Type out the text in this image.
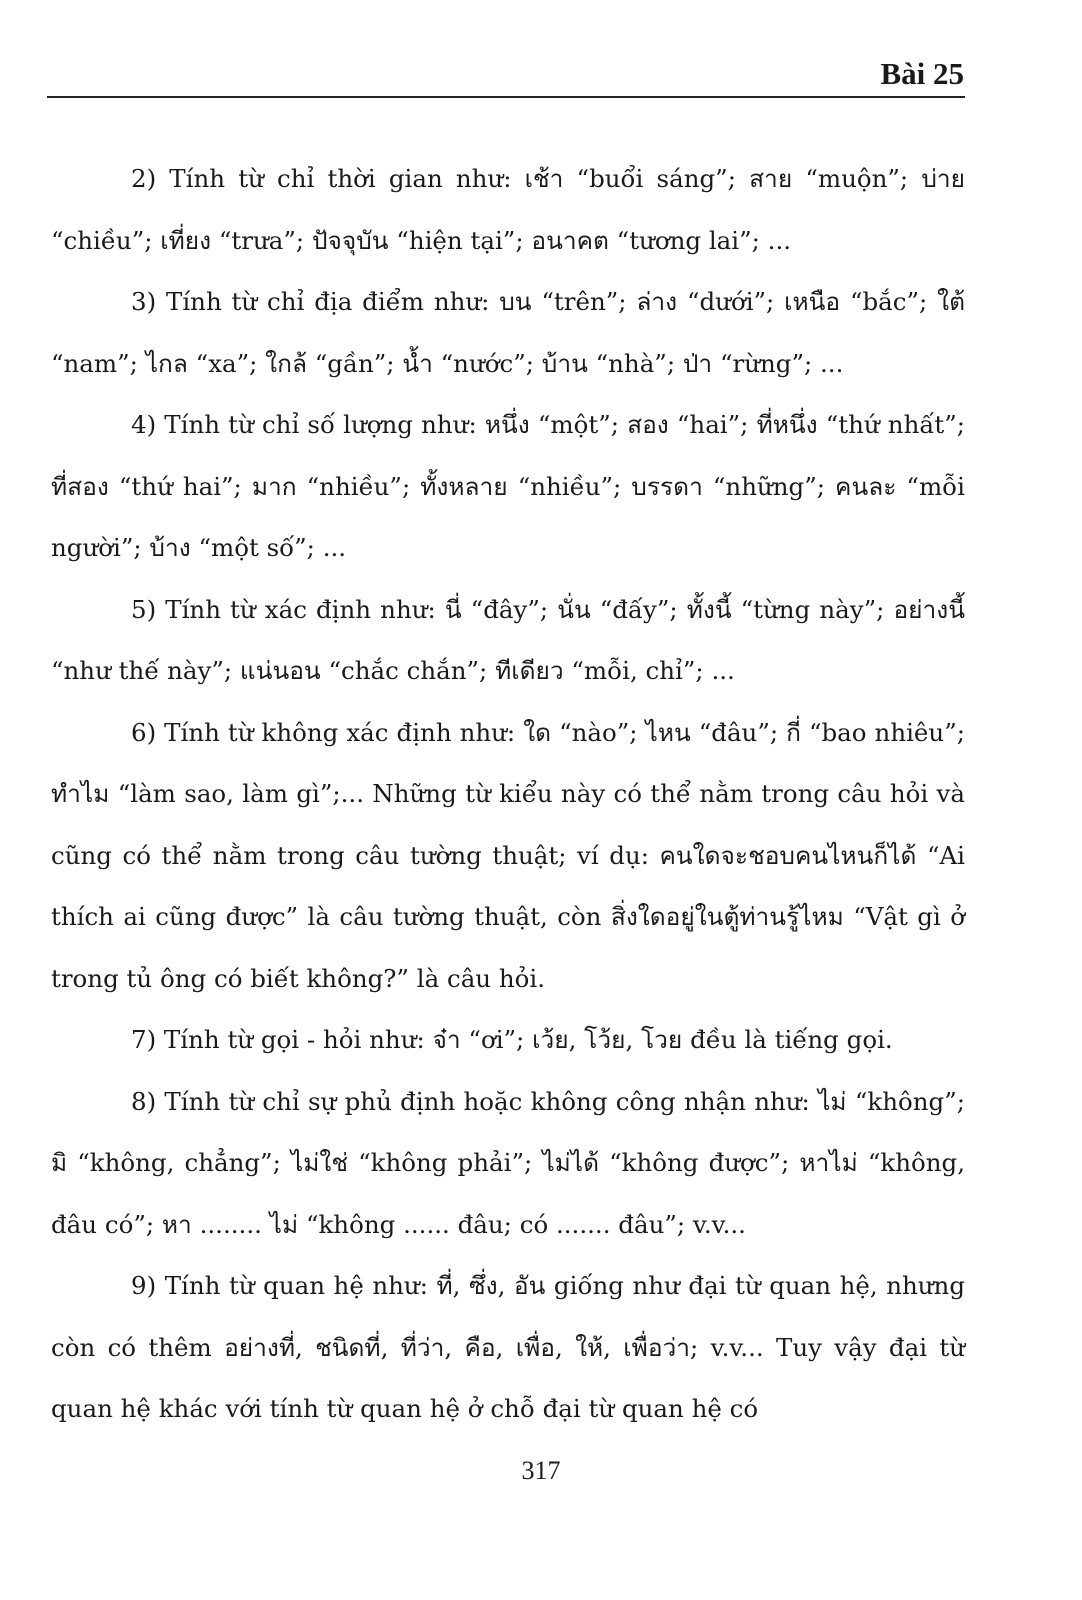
Bài 25

2) Tính từ chỉ thời gian như: เช้า “buổi sáng”; สาย “muộn”; บ่าย “chiều”; เที่ยง “trưa”; ปัจจุบัน “hiện tại”; อนาคต “tương lai”; ...

3) Tính từ chỉ địa điểm như: บน “trên”; ล่าง “dưới”; เหนือ “bắc”; ใต้ “nam”; ไกล “xa”; ใกล้ “gần”; น้ำ “nước”; บ้าน “nhà”; ป่า “rừng”; ...

4) Tính từ chỉ số lượng như: หนึ่ง “một”; สอง “hai”; ที่หนึ่ง “thứ nhất”; ที่สอง “thứ hai”; มาก “nhiều”; ทั้งหลาย “nhiều”; บรรดา “những”; คนละ “mỗi người”; บ้าง “một số”; ...

5) Tính từ xác định như: นี่ “đây”; นั่น “đấy”; ทั้งนี้ “từng này”; อย่างนี้ “như thế này”; แน่นอน “chắc chắn”; ทีเดียว “mỗi, chỉ”; ...

6) Tính từ không xác định như: ใด “nào”; ไหน “đâu”; กี่ “bao nhiêu”; ทำไม “làm sao, làm gì”;... Những từ kiểu này có thể nằm trong câu hỏi và cũng có thể nằm trong câu tường thuật; ví dụ: คนใดจะชอบคนไหนก็ได้ “Ai thích ai cũng được” là câu tường thuật, còn สิ่งใดอยู่ในตู้ท่านรู้ไหม “Vật gì ở trong tủ ông có biết không?” là câu hỏi.

7) Tính từ gọi - hỏi như: จ๋า “ơi”; เว้ย, โว้ย, โวย đều là tiếng gọi.

8) Tính từ chỉ sự phủ định hoặc không công nhận như: ไม่ “không”; มิ “không, chẳng”; ไม่ใช่ “không phải”; ไม่ได้ “không được”; หาไม่ “không, đâu có”; หา ........ ไม่ “không ...... đâu; có ....... đâu”; v.v...

9) Tính từ quan hệ như: ที่, ซึ่ง, อัน giống như đại từ quan hệ, nhưng còn có thêm อย่างที่, ชนิดที่, ที่ว่า, คือ, เพื่อ, ให้, เพื่อว่า; v.v... Tuy vậy đại từ quan hệ khác với tính từ quan hệ ở chỗ đại từ quan hệ có

317
